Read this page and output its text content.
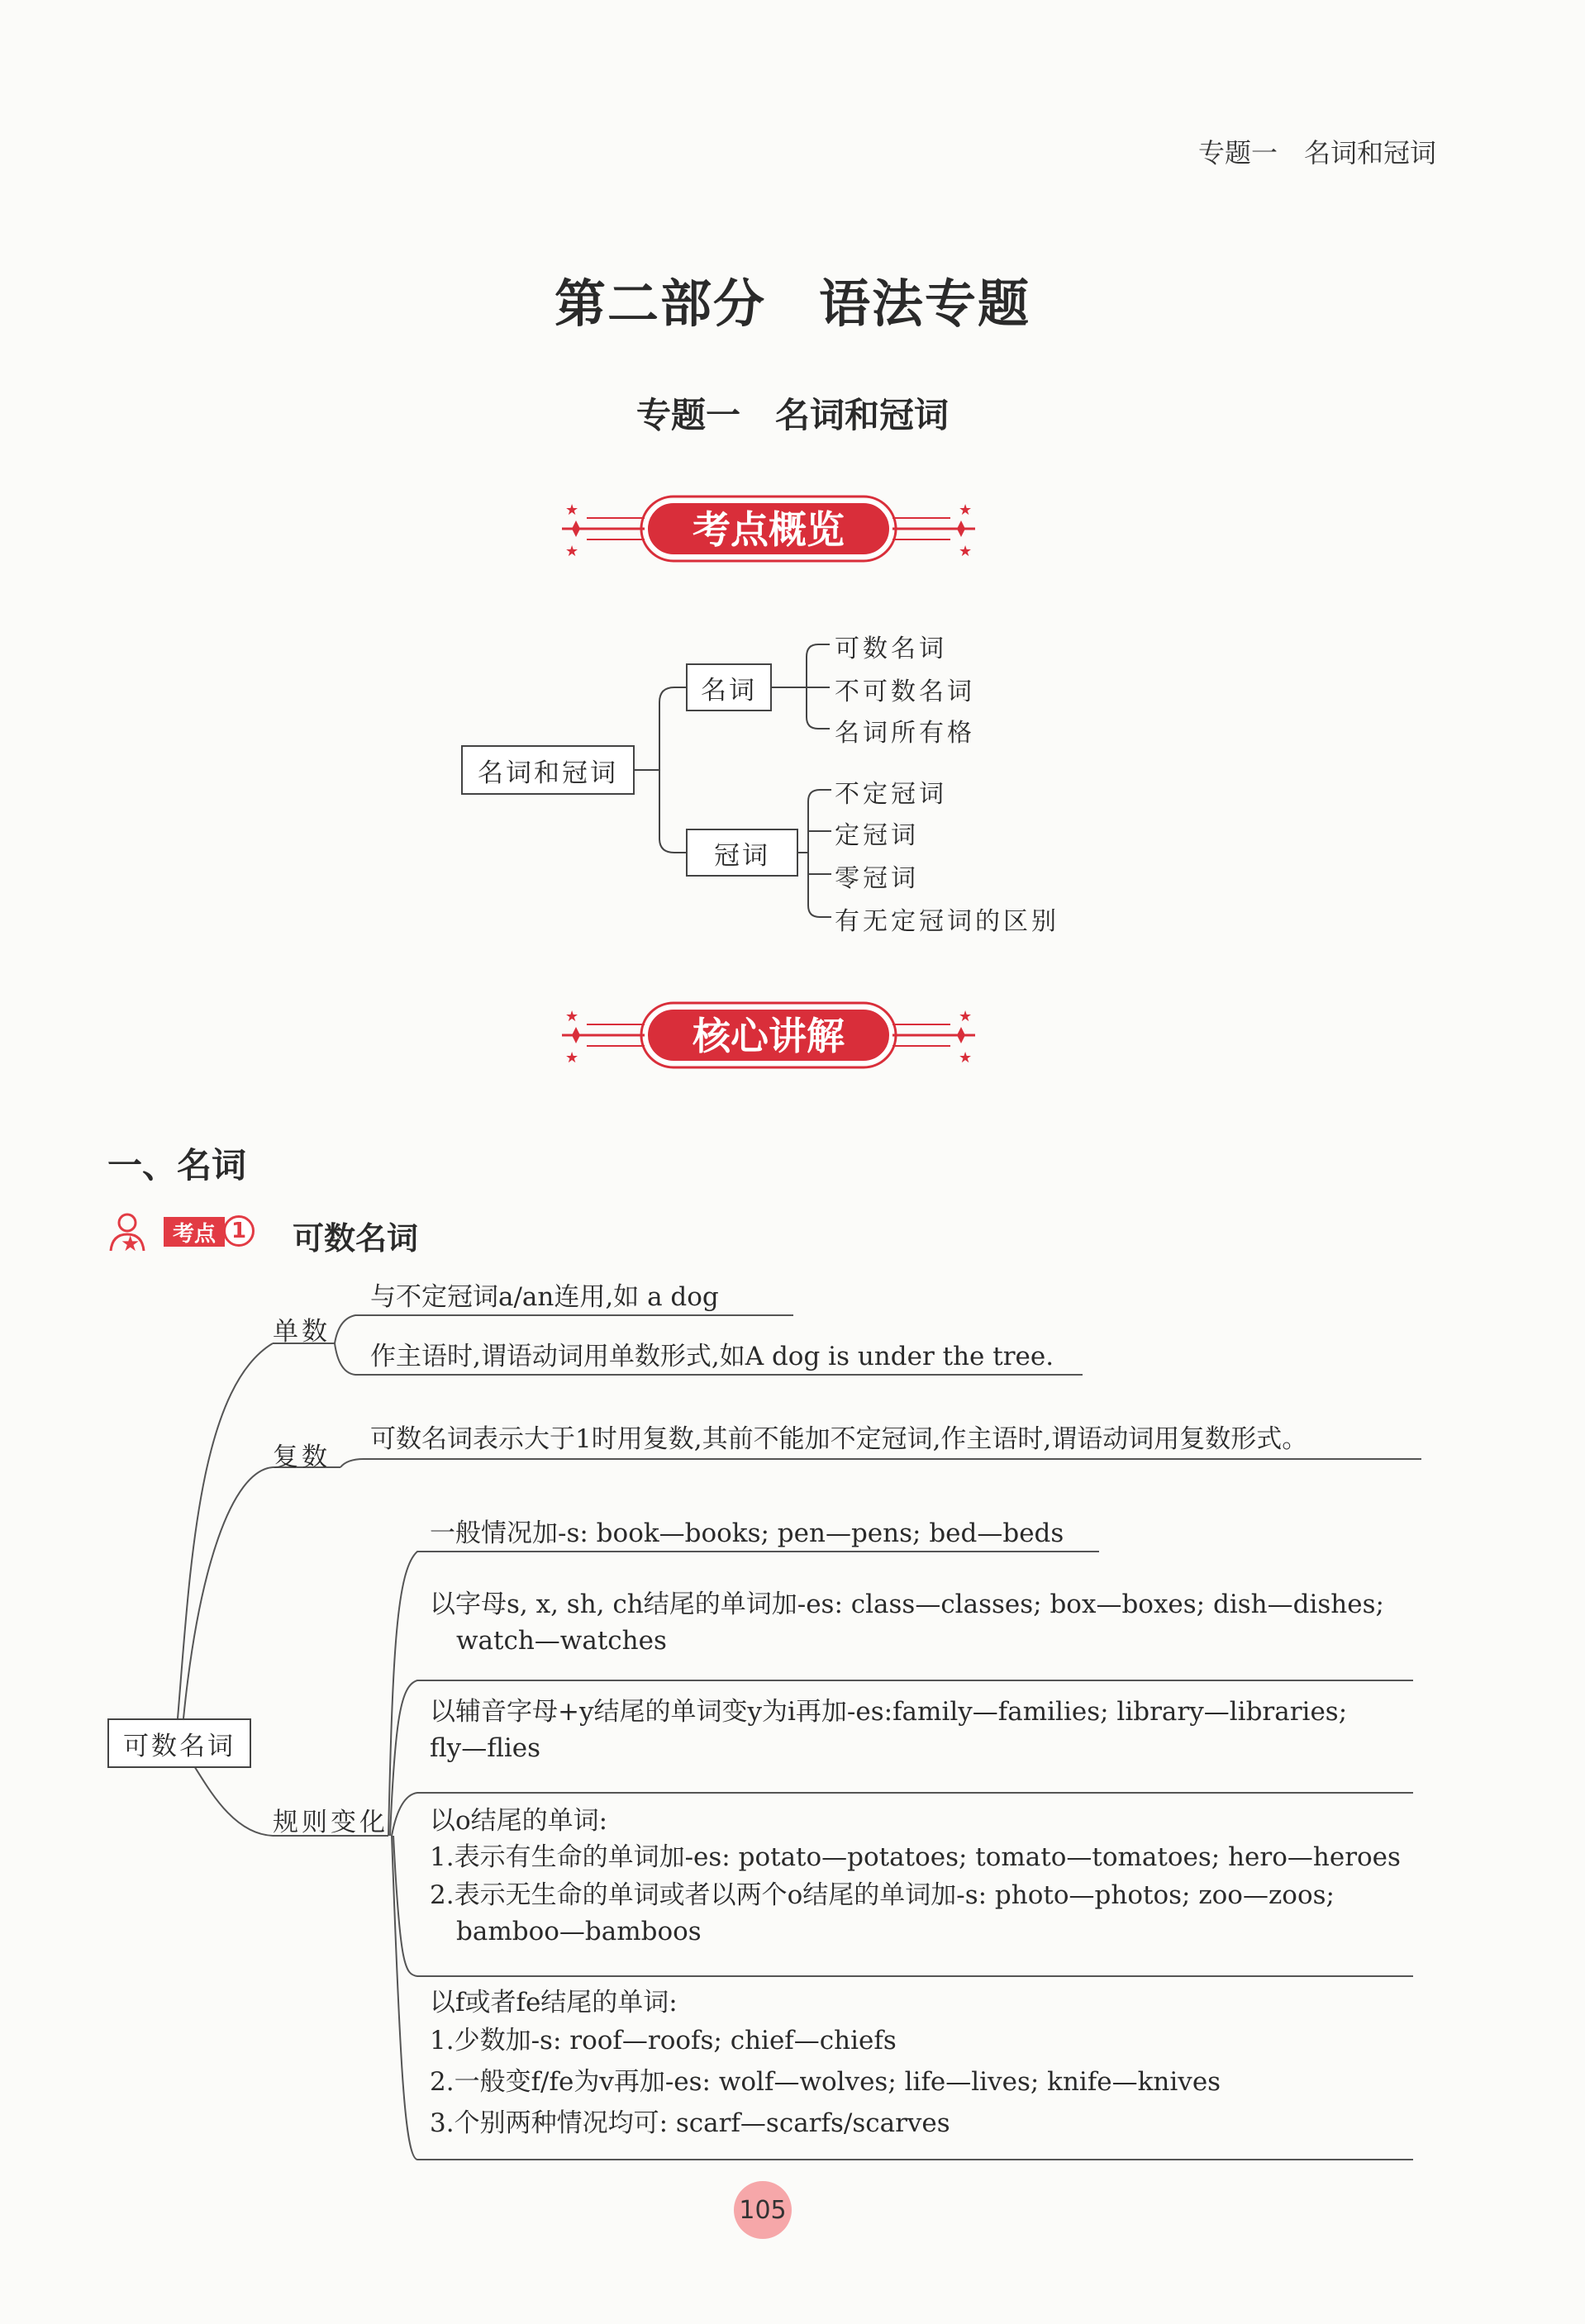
专题一　名词和冠词
第二部分　语法专题
专题一　名词和冠词
★	★
★	★
考点概览
名词和冠词
名词
冠词
可数名词
不可数名词
名词所有格
不定冠词
定冠词
零冠词
有无定冠词的区别
★	★
★	★
核心讲解
一、名词
★	考点 1 可数名词
可数名词
单数
复数
规则变化
与不定冠词a/an连用,如 a dog
作主语时,谓语动词用单数形式,如A dog is under the tree.
可数名词表示大于1时用复数,其前不能加不定冠词,作主语时,谓语动词用复数形式。
一般情况加-s: book—books; pen—pens; bed—beds
以字母s, x, sh, ch结尾的单词加-es: class—classes; box—boxes; dish—dishes;
watch—watches
以辅音字母+y结尾的单词变y为i再加-es:family—families; library—libraries;
fly—flies
以o结尾的单词:
1.表示有生命的单词加-es: potato—potatoes; tomato—tomatoes; hero—heroes
2.表示无生命的单词或者以两个o结尾的单词加-s: photo—photos; zoo—zoos;
bamboo—bamboos
以f或者fe结尾的单词:
1.少数加-s: roof—roofs; chief—chiefs
2.一般变f/fe为v再加-es: wolf—wolves; life—lives; knife—knives
3.个别两种情况均可: scarf—scarfs/scarves
105
